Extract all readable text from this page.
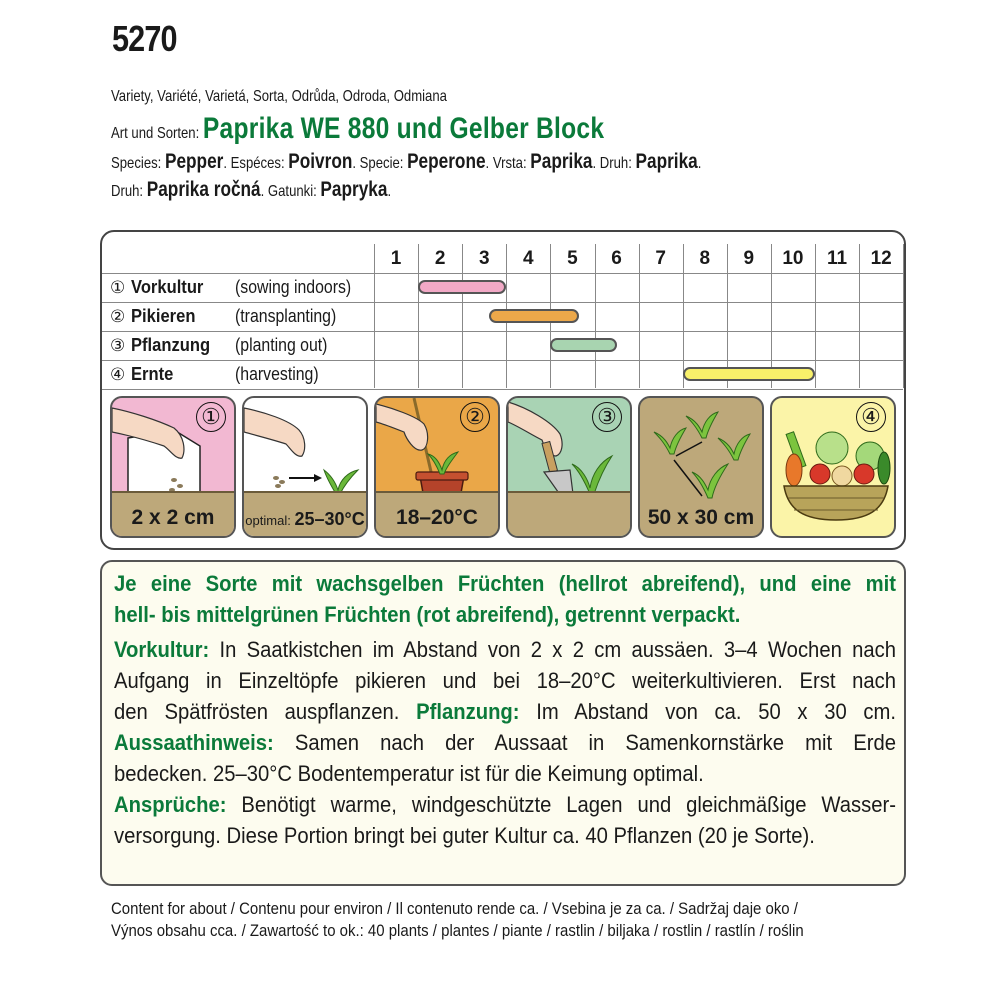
5270
Variety, Variété, Varietá, Sorta, Odrůda, Odroda, Odmiana
Art und Sorten: Paprika WE 880 und Gelber Block
Species: Pepper. Espéces: Poivron. Specie: Peperone. Vrsta: Paprika. Druh: Paprika.
Druh: Paprika ročná. Gatunki: Papryka.
1	2	3	4	5	6	7	8	9	10	11	12
① Vorkultur (sowing indoors)
② Pikieren (transplanting)
③ Pflanzung (planting out)
④ Ernte	(harvesting)
①
2 x 2 cm	optimal: 25–30°C
②
18–20°C
③
50 x 30 cm
④
Je eine Sorte mit wachsgelben Früchten (hellrot abreifend), und eine mit
hell- bis mittelgrünen Früchten (rot abreifend), getrennt verpackt.
Vorkultur: In Saatkistchen im Abstand von 2 x 2 cm aussäen. 3–4 Wochen nach
Aufgang in Einzeltöpfe pikieren und bei 18–20°C weiterkultivieren. Erst nach
den Spätfrösten auspflanzen. Pflanzung: Im Abstand von ca. 50 x 30 cm.
Aussaathinweis: Samen nach der Aussaat in Samenkornstärke mit Erde
bedecken. 25–30°C Bodentemperatur ist für die Keimung optimal.
Ansprüche: Benötigt warme, windgeschützte Lagen und gleichmäßige Wasser-
versorgung. Diese Portion bringt bei guter Kultur ca. 40 Pflanzen (20 je Sorte).
Content for about / Contenu pour environ / Il contenuto rende ca. / Vsebina je za ca. / Sadržaj daje oko /
Výnos obsahu cca. / Zawartość to ok.: 40 plants / plantes / piante / rastlin / biljaka / rostlin / rastlín / roślin
